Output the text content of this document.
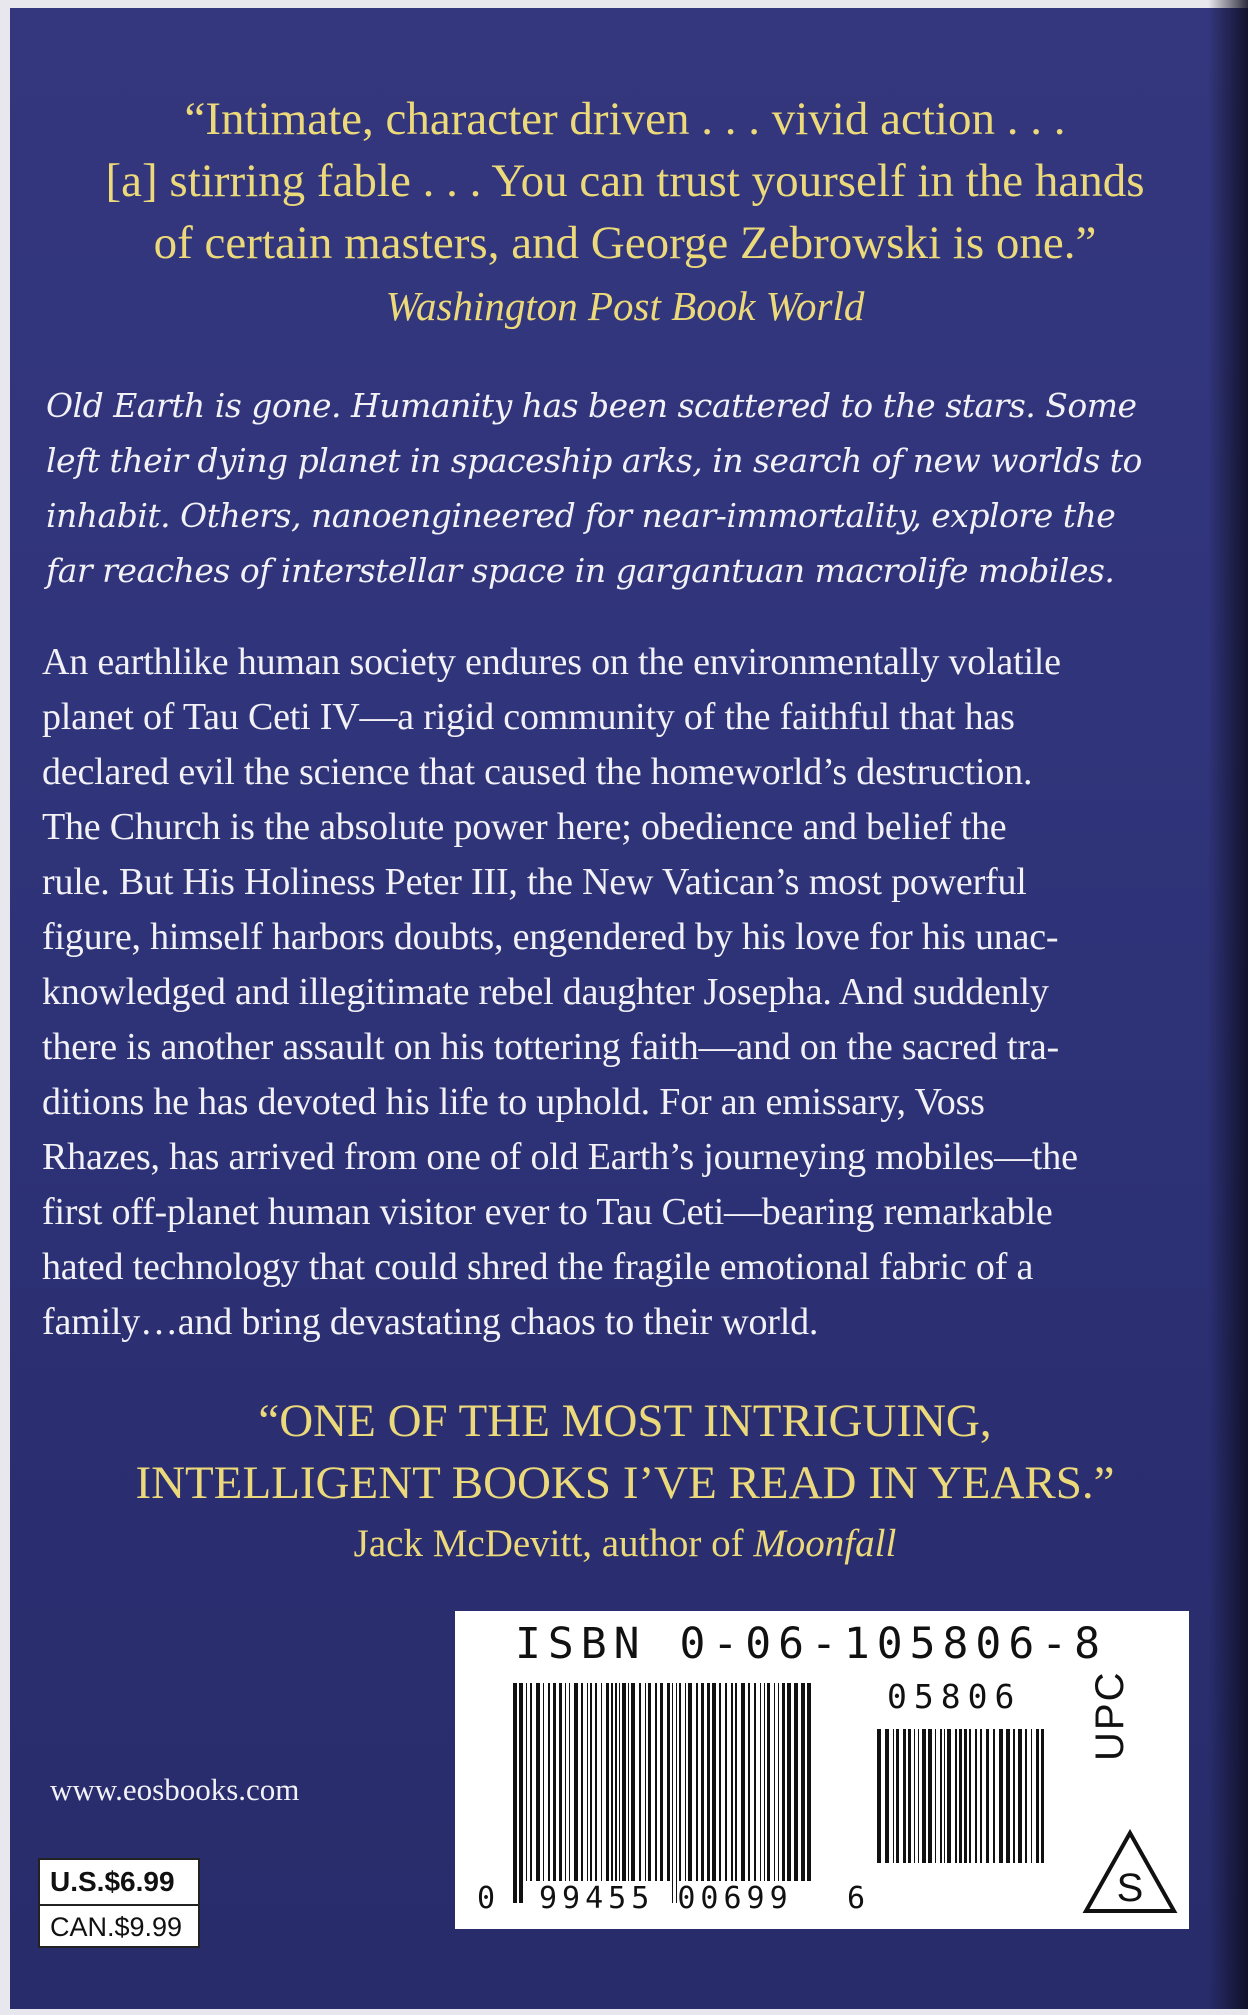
“Intimate, character driven . . . vivid action . . .
[a] stirring fable . . . You can trust yourself in the hands
of certain masters, and George Zebrowski is one.”
Washington Post Book World
Old Earth is gone. Humanity has been scattered to the stars. Some
left their dying planet in spaceship arks, in search of new worlds to
inhabit. Others, nanoengineered for near-immortality, explore the
far reaches of interstellar space in gargantuan macrolife mobiles.
An earthlike human society endures on the environmentally volatile
planet of Tau Ceti IV—a rigid community of the faithful that has
declared evil the science that caused the homeworld’s destruction.
The Church is the absolute power here; obedience and belief the
rule. But His Holiness Peter III, the New Vatican’s most powerful
figure, himself harbors doubts, engendered by his love for his unac-
knowledged and illegitimate rebel daughter Josepha. And suddenly
there is another assault on his tottering faith—and on the sacred tra-
ditions he has devoted his life to uphold. For an emissary, Voss
Rhazes, has arrived from one of old Earth’s journeying mobiles—the
first off-planet human visitor ever to Tau Ceti—bearing remarkable
hated technology that could shred the fragile emotional fabric of a
family…and bring devastating chaos to their world.
“ONE OF THE MOST INTRIGUING,
INTELLIGENT BOOKS I’VE READ IN YEARS.”
Jack McDevitt, author of Moonfall
www.eosbooks.com
U.S.$6.99
CAN.$9.99
ISBN 0-06-105806-8
05806
0 99455 00699 6
UPC
S
